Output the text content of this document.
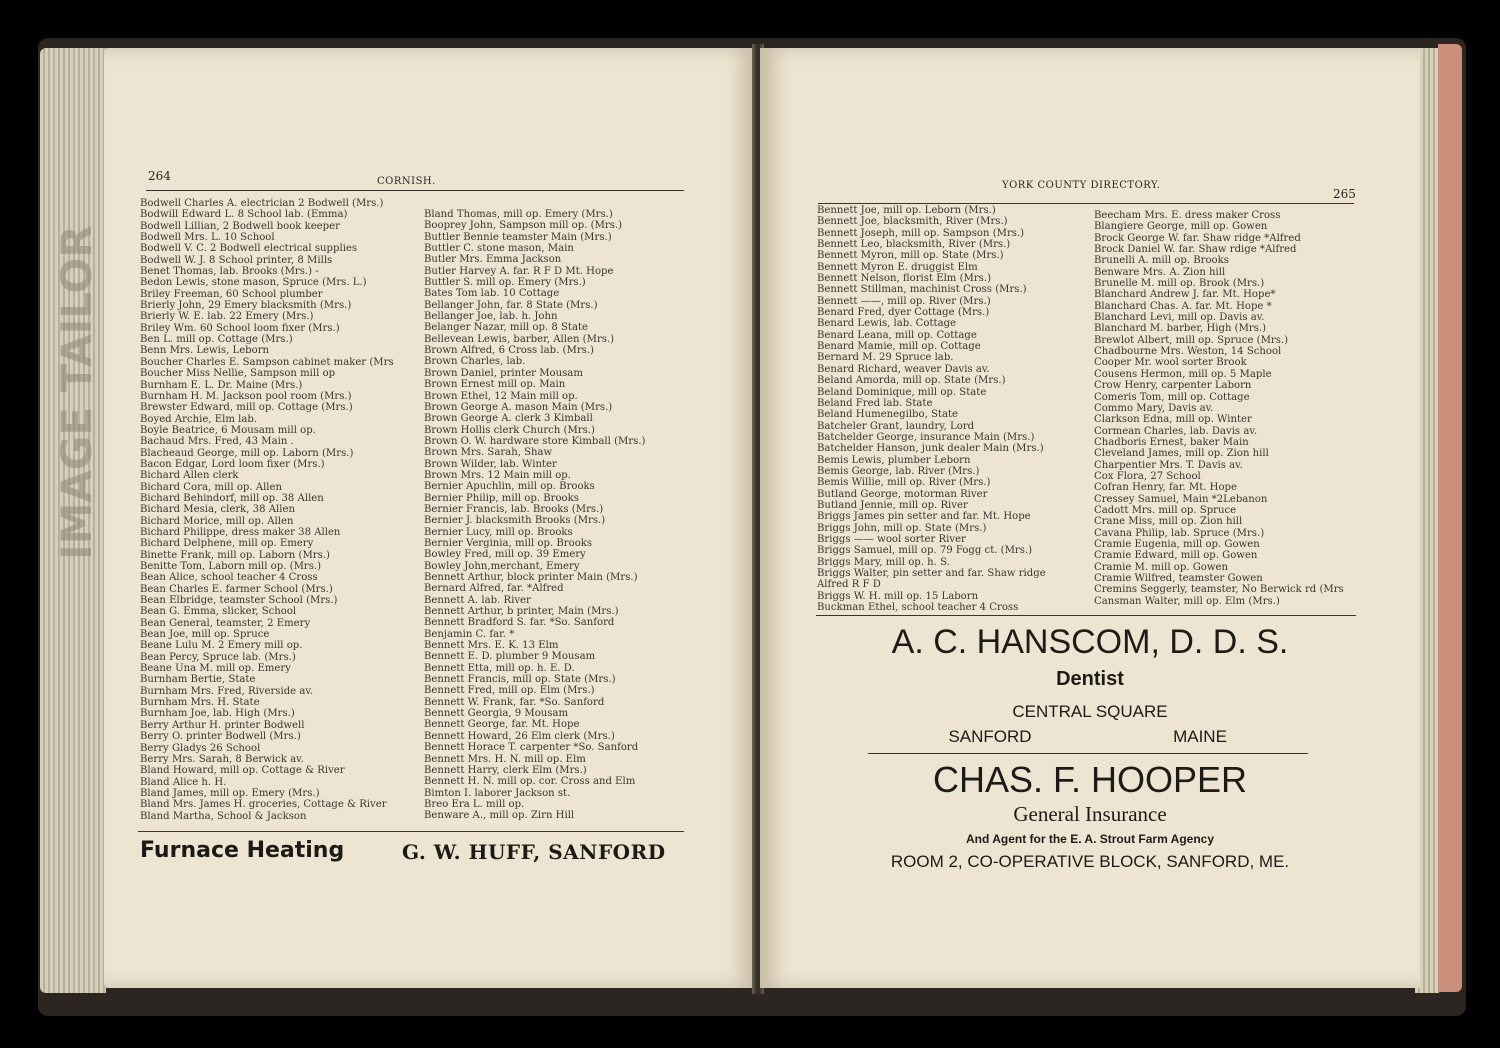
IMAGE TAILOR
264	CORNISH.
Bodwell Charles A. electrician 2 Bodwell (Mrs.)
Bodwill Edward L. 8 School lab. (Emma)
Bodwell Lillian, 2 Bodwell book keeper
Bodwell Mrs. L. 10 School
Bodwell V. C. 2 Bodwell electrical supplies
Bodwell W. J. 8 School printer, 8 Mills
Benet Thomas, lab. Brooks (Mrs.) -
Bedon Lewis, stone mason, Spruce (Mrs. L.)
Briley Freeman, 60 School plumber
Brierly John, 29 Emery blacksmith (Mrs.)
Brierly W. E. lab. 22 Emery (Mrs.)
Briley Wm. 60 School loom fixer (Mrs.)
Ben L. mill op. Cottage (Mrs.)
Benn Mrs. Lewis, Leborn
Boucher Charles E. Sampson cabinet maker (Mrs
Boucher Miss Nellie, Sampson mill op
Burnham E. L. Dr. Maine (Mrs.)
Burnham H. M. Jackson pool room (Mrs.)
Brewster Edward, mill op. Cottage (Mrs.)
Boyed Archie, Elm lab.
Boyle Beatrice, 6 Mousam mill op.
Bachaud Mrs. Fred, 43 Main .
Blacheaud George, mill op. Laborn (Mrs.)
Bacon Edgar, Lord loom fixer (Mrs.)
Bichard Allen clerk
Bichard Cora, mill op. Allen
Bichard Behindorf, mill op. 38 Allen
Bichard Mesia, clerk, 38 Allen
Bichard Morice, mill op. Allen
Bichard Philippe, dress maker 38 Allen
Bichard Delphene, mill op. Emery
Binette Frank, mill op. Laborn (Mrs.)
Benitte Tom, Laborn mill op. (Mrs.)
Bean Alice, school teacher 4 Cross
Bean Charles E. farmer School (Mrs.)
Bean Elbridge, teamster School (Mrs.)
Bean G. Emma, slicker, School
Bean General, teamster, 2 Emery
Bean Joe, mill op. Spruce
Beane Lulu M. 2 Emery mill op.
Bean Percy, Spruce lab. (Mrs.)
Beane Una M. mill op. Emery
Burnham Bertie, State
Burnham Mrs. Fred, Riverside av.
Burnham Mrs. H. State
Burnham Joe, lab. High (Mrs.)
Berry Arthur H. printer Bodwell
Berry O. printer Bodwell (Mrs.)
Berry Gladys 26 School
Berry Mrs. Sarah, 8 Berwick av.
Bland Howard, mill op. Cottage & River
Bland Alice h. H.
Bland James, mill op. Emery (Mrs.)
Bland Mrs. James H. groceries, Cottage & River
Bland Martha, School & Jackson
Bland Thomas, mill op. Emery (Mrs.)
Booprey John, Sampson mill op. (Mrs.)
Buttler Bennie teamster Main (Mrs.)
Buttler C. stone mason, Main
Butler Mrs. Emma Jackson
Butler Harvey A. far. R F D Mt. Hope
Buttler S. mill op. Emery (Mrs.)
Bates Tom lab. 10 Cottage
Bellanger John, far. 8 State (Mrs.)
Bellanger Joe, lab. h. John
Belanger Nazar, mill op. 8 State
Bellevean Lewis, barber, Allen (Mrs.)
Brown Alfred, 6 Cross lab. (Mrs.)
Brown Charles, lab.
Brown Daniel, printer Mousam
Brown Ernest mill op. Main
Brown Ethel, 12 Main mill op.
Brown George A. mason Main (Mrs.)
Brown George A. clerk 3 Kimball
Brown Hollis clerk Church (Mrs.)
Brown O. W. hardware store Kimball (Mrs.)
Brown Mrs. Sarah, Shaw
Brown Wilder, lab. Winter
Brown Mrs. 12 Main mill op.
Bernier Apuchlin, mill op. Brooks
Bernier Philip, mill op. Brooks
Bernier Francis, lab. Brooks (Mrs.)
Bernier J. blacksmith Brooks (Mrs.)
Bernier Lucy, mill op. Brooks
Bernier Verginia, mill op. Brooks
Bowley Fred, mill op. 39 Emery
Bowley John,merchant, Emery
Bennett Arthur, block printer Main (Mrs.)
Bernard Alfred, far. *Alfred
Bennett A. lab. River
Bennett Arthur, b printer, Main (Mrs.)
Bennett Bradford S. far. *So. Sanford
Benjamin C. far. *
Bennett Mrs. E. K. 13 Elm
Bennett E. D. plumber 9 Mousam
Bennett Etta, mill op. h. E. D.
Bennett Francis, mill op. State (Mrs.)
Bennett Fred, mill op. Elm (Mrs.)
Bennett W. Frank, far. *So. Sanford
Bennett Georgia, 9 Mousam
Bennett George, far. Mt. Hope
Bennett Howard, 26 Elm clerk (Mrs.)
Bennett Horace T. carpenter *So. Sanford
Bennett Mrs. H. N. mill op. Elm
Bennett Harry, clerk Elm (Mrs.)
Bennett H. N. mill op. cor. Cross and Elm
Bimton I. laborer Jackson st.
Breo Era L. mill op.
Benware A., mill op. Zirn Hill
Furnace Heating	G. W. HUFF, SANFORD
YORK COUNTY DIRECTORY.
265
Bennett Joe, mill op. Leborn (Mrs.)
Bennett Joe, blacksmith, River (Mrs.)
Bennett Joseph, mill op. Sampson (Mrs.)
Bennett Leo, blacksmith, River (Mrs.)
Bennett Myron, mill op. State (Mrs.)
Bennett Myron E. druggist Elm
Bennett Nelson, florist Elm (Mrs.)
Bennett Stillman, machinist Cross (Mrs.)
Bennett ——, mill op. River (Mrs.)
Benard Fred, dyer Cottage (Mrs.)
Benard Lewis, lab. Cottage
Benard Leana, mill op. Cottage
Benard Mamie, mill op. Cottage
Bernard M. 29 Spruce lab.
Benard Richard, weaver Davis av.
Beland Amorda, mill op. State (Mrs.)
Beland Dominique, mill op. State
Beland Fred lab. State
Beland Humenegilbo, State
Batcheler Grant, laundry, Lord
Batchelder George, insurance Main (Mrs.)
Batchelder Hanson, junk dealer Main (Mrs.)
Bemis Lewis, plumber Leborn
Bemis George, lab. River (Mrs.)
Bemis Willie, mill op. River (Mrs.)
Butland George, motorman River
Butland Jennie, mill op. River
Briggs James pin setter and far. Mt. Hope
Briggs John, mill op. State (Mrs.)
Briggs —— wool sorter River
Briggs Samuel, mill op. 79 Fogg ct. (Mrs.)
Briggs Mary, mill op. h. S.
Briggs Walter, pin setter and far. Shaw ridge
Alfred R F D
Briggs W. H. mill op. 15 Laborn
Buckman Ethel, school teacher 4 Cross
Beecham Mrs. E. dress maker Cross
Blangiere George, mill op. Gowen
Brock George W. far. Shaw ridge *Alfred
Brock Daniel W. far. Shaw rdige *Alfred
Brunelli A. mill op. Brooks
Benware Mrs. A. Zion hill
Brunelle M. mill op. Brook (Mrs.)
Blanchard Andrew J. far. Mt. Hope*
Blanchard Chas. A. far. Mt. Hope *
Blanchard Levi, mill op. Davis av.
Blanchard M. barber, High (Mrs.)
Brewlot Albert, mill op. Spruce (Mrs.)
Chadbourne Mrs. Weston, 14 School
Cooper Mr. wool sorter Brook
Cousens Hermon, mill op. 5 Maple
Crow Henry, carpenter Laborn
Comeris Tom, mill op. Cottage
Commo Mary, Davis av.
Clarkson Edna, mill op. Winter
Cormean Charles, lab. Davis av.
Chadboris Ernest, baker Main
Cleveland James, mill op. Zion hill
Charpentier Mrs. T. Davis av.
Cox Flora, 27 School
Cofran Henry, far. Mt. Hope
Cressey Samuel, Main *2Lebanon
Cadott Mrs. mill op. Spruce
Crane Miss, mill op. Zion hill
Cavana Philip, lab. Spruce (Mrs.)
Cramie Eugenia, mill op. Gowen
Cramie Edward, mill op. Gowen
Cramie M. mill op. Gowen
Cramie Wilfred, teamster Gowen
Cremins Seggerly, teamster, No Berwick rd (Mrs
Cansman Walter, mill op. Elm (Mrs.)
A. C. HANSCOM, D. D. S.
Dentist
CENTRAL SQUARE
SANFORD	MAINE
CHAS. F. HOOPER
General Insurance
And Agent for the E. A. Strout Farm Agency
ROOM 2, CO-OPERATIVE BLOCK, SANFORD, ME.
